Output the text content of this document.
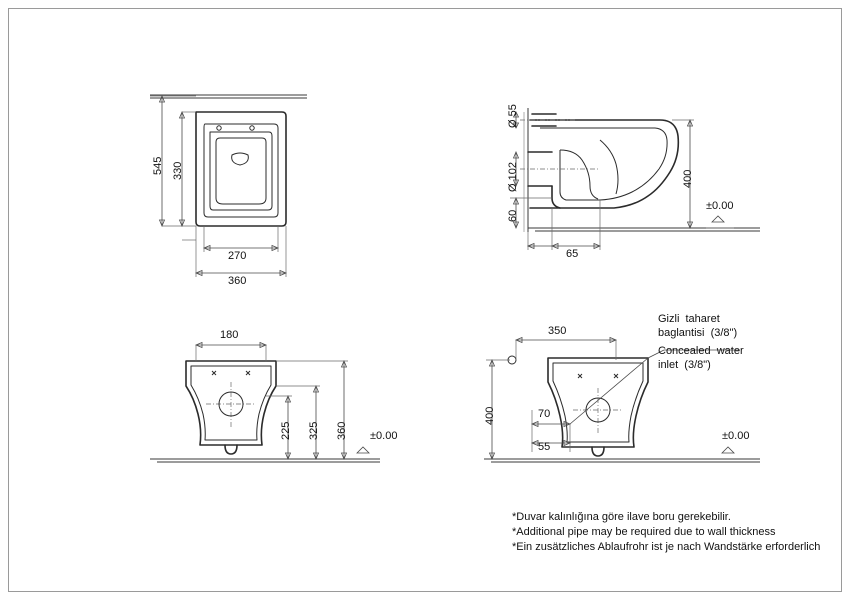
545 330
270
360
Ø 55
Ø 102
60
400
65
±0.00
180
225 325 360 ±0.00
350
400	70
55
±0.00
Gizli  taharet
baglantisi  (3/8")
Concealed  water
inlet  (3/8")
*Duvar kalınlığına göre ilave boru gerekebilir.
*Additional pipe may be required due to wall thickness
*Ein zusätzliches Ablaufrohr ist je nach Wandstärke erforderlich
